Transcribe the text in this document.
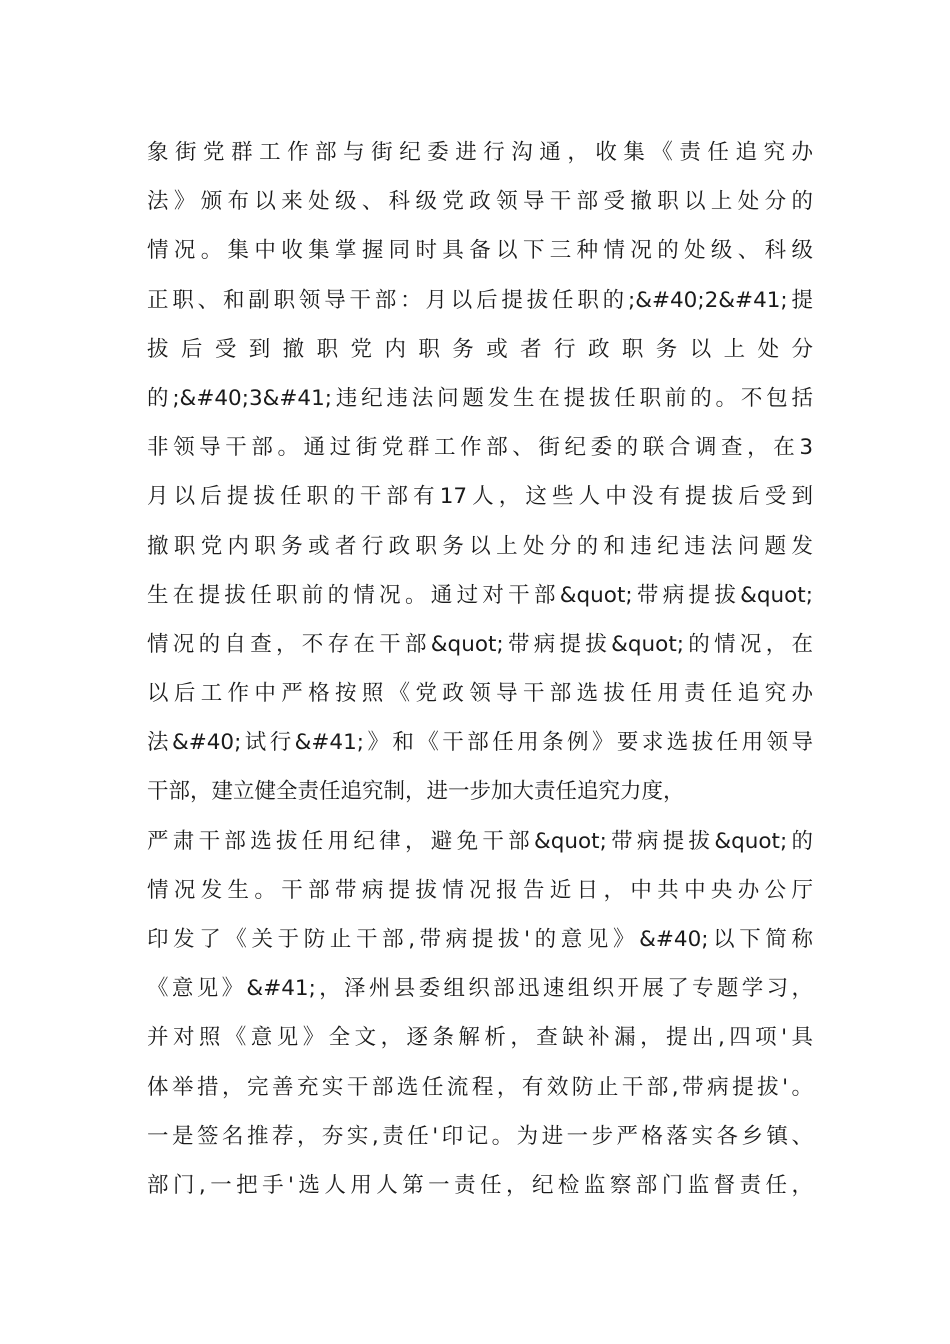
象街党群工作部与街纪委进行沟通，收集《责任追究办
法》颁布以来处级、科级党政领导干部受撤职以上处分的
情况。集中收集掌握同时具备以下三种情况的处级、科级
正职、和副职领导干部：月以后提拔任职的;&#40;2&#41;提
拔后受到撤职党内职务或者行政职务以上处分
的;&#40;3&#41;违纪违法问题发生在提拔任职前的。不包括
非领导干部。通过街党群工作部、街纪委的联合调查，在3
月以后提拔任职的干部有17人，这些人中没有提拔后受到
撤职党内职务或者行政职务以上处分的和违纪违法问题发
生在提拔任职前的情况。通过对干部&quot;带病提拔&quot;
情况的自查，不存在干部&quot;带病提拔&quot;的情况，在
以后工作中严格按照《党政领导干部选拔任用责任追究办
法&#40;试行&#41;》和《干部任用条例》要求选拔任用领导
干部，建立健全责任追究制，进一步加大责任追究力度，
严肃干部选拔任用纪律，避免干部&quot;带病提拔&quot;的
情况发生。干部带病提拔情况报告近日，中共中央办公厅
印发了《关于防止干部,带病提拔'的意见》&#40;以下简称
《意见》&#41;，泽州县委组织部迅速组织开展了专题学习，
并对照《意见》全文，逐条解析，查缺补漏，提出,四项'具
体举措，完善充实干部选任流程，有效防止干部,带病提拔'。
一是签名推荐，夯实,责任'印记。为进一步严格落实各乡镇、
部门,一把手'选人用人第一责任，纪检监察部门监督责任，
